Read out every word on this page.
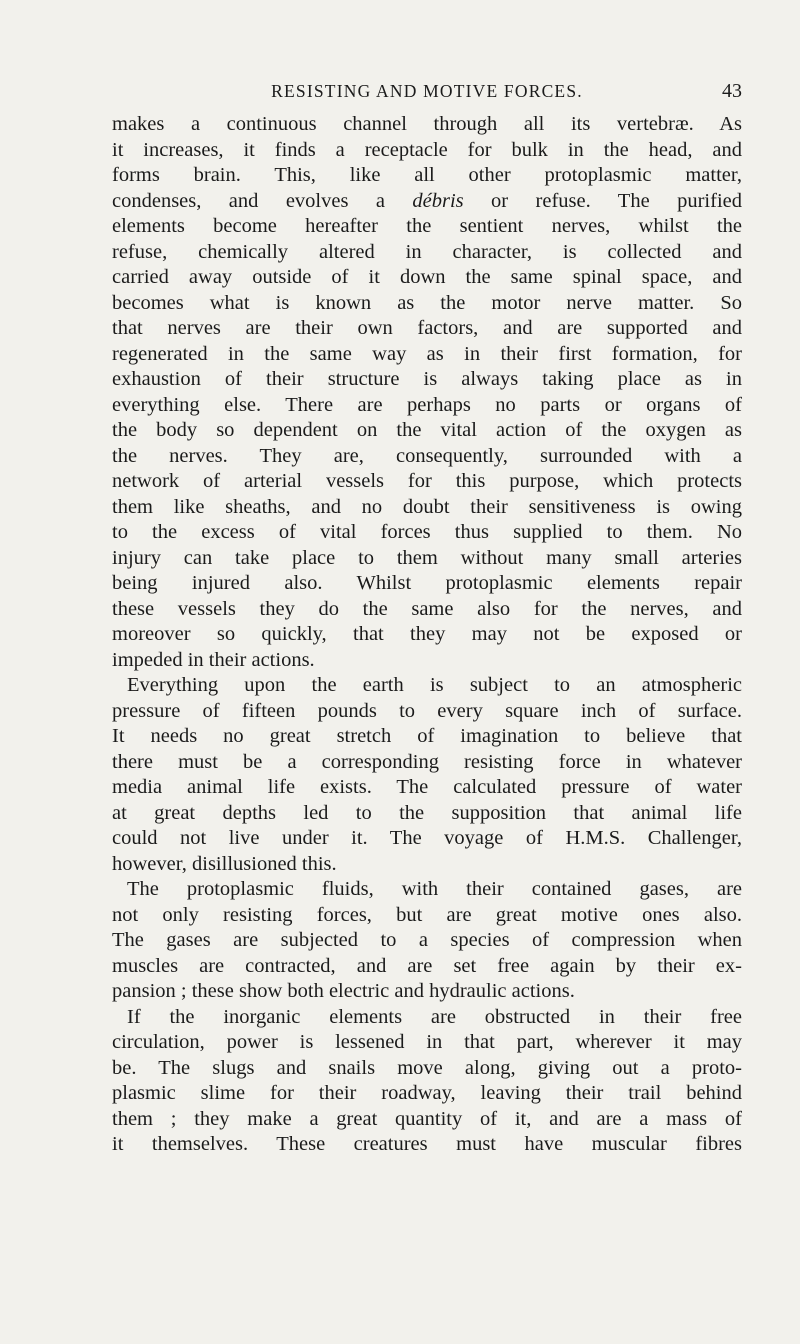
RESISTING AND MOTIVE FORCES.	43
makes a continuous channel through all its vertebræ. As
it increases, it finds a receptacle for bulk in the head, and
forms brain. This, like all other protoplasmic matter,
condenses, and evolves a débris or refuse. The purified
elements become hereafter the sentient nerves, whilst the
refuse, chemically altered in character, is collected and
carried away outside of it down the same spinal space, and
becomes what is known as the motor nerve matter. So
that nerves are their own factors, and are supported and
regenerated in the same way as in their first formation, for
exhaustion of their structure is always taking place as in
everything else. There are perhaps no parts or organs of
the body so dependent on the vital action of the oxygen as
the nerves. They are, consequently, surrounded with a
network of arterial vessels for this purpose, which protects
them like sheaths, and no doubt their sensitiveness is owing
to the excess of vital forces thus supplied to them. No
injury can take place to them without many small arteries
being injured also. Whilst protoplasmic elements repair
these vessels they do the same also for the nerves, and
moreover so quickly, that they may not be exposed or
impeded in their actions.
Everything upon the earth is subject to an atmospheric
pressure of fifteen pounds to every square inch of surface.
It needs no great stretch of imagination to believe that
there must be a corresponding resisting force in whatever
media animal life exists. The calculated pressure of water
at great depths led to the supposition that animal life
could not live under it. The voyage of H.M.S. Challenger,
however, disillusioned this.
The protoplasmic fluids, with their contained gases, are
not only resisting forces, but are great motive ones also.
The gases are subjected to a species of compression when
muscles are contracted, and are set free again by their ex-
pansion ; these show both electric and hydraulic actions.
If the inorganic elements are obstructed in their free
circulation, power is lessened in that part, wherever it may
be. The slugs and snails move along, giving out a proto-
plasmic slime for their roadway, leaving their trail behind
them ; they make a great quantity of it, and are a mass of
it themselves. These creatures must have muscular fibres
